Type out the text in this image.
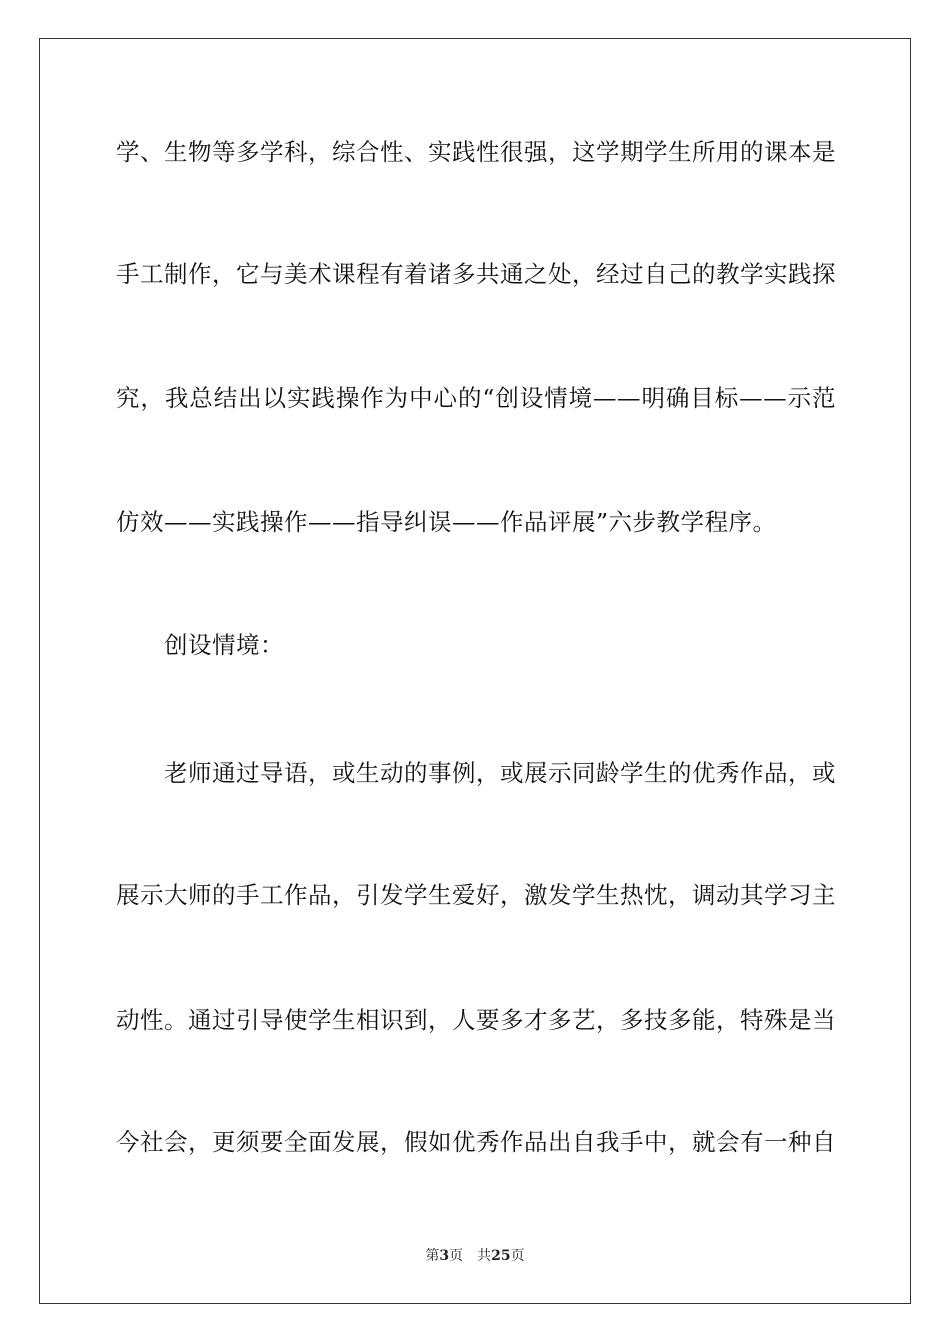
学、生物等多学科，综合性、实践性很强，这学期学生所用的课本是

手工制作，它与美术课程有着诸多共通之处，经过自己的教学实践探

究，我总结出以实践操作为中心的“创设情境——明确目标——示范

仿效——实践操作——指导纠误——作品评展”六步教学程序。

创设情境：

老师通过导语，或生动的事例，或展示同龄学生的优秀作品，或

展示大师的手工作品，引发学生爱好，激发学生热忱，调动其学习主

动性。通过引导使学生相识到，人要多才多艺，多技多能，特殊是当

今社会，更须要全面发展，假如优秀作品出自我手中，就会有一种自

第3页　共25页
